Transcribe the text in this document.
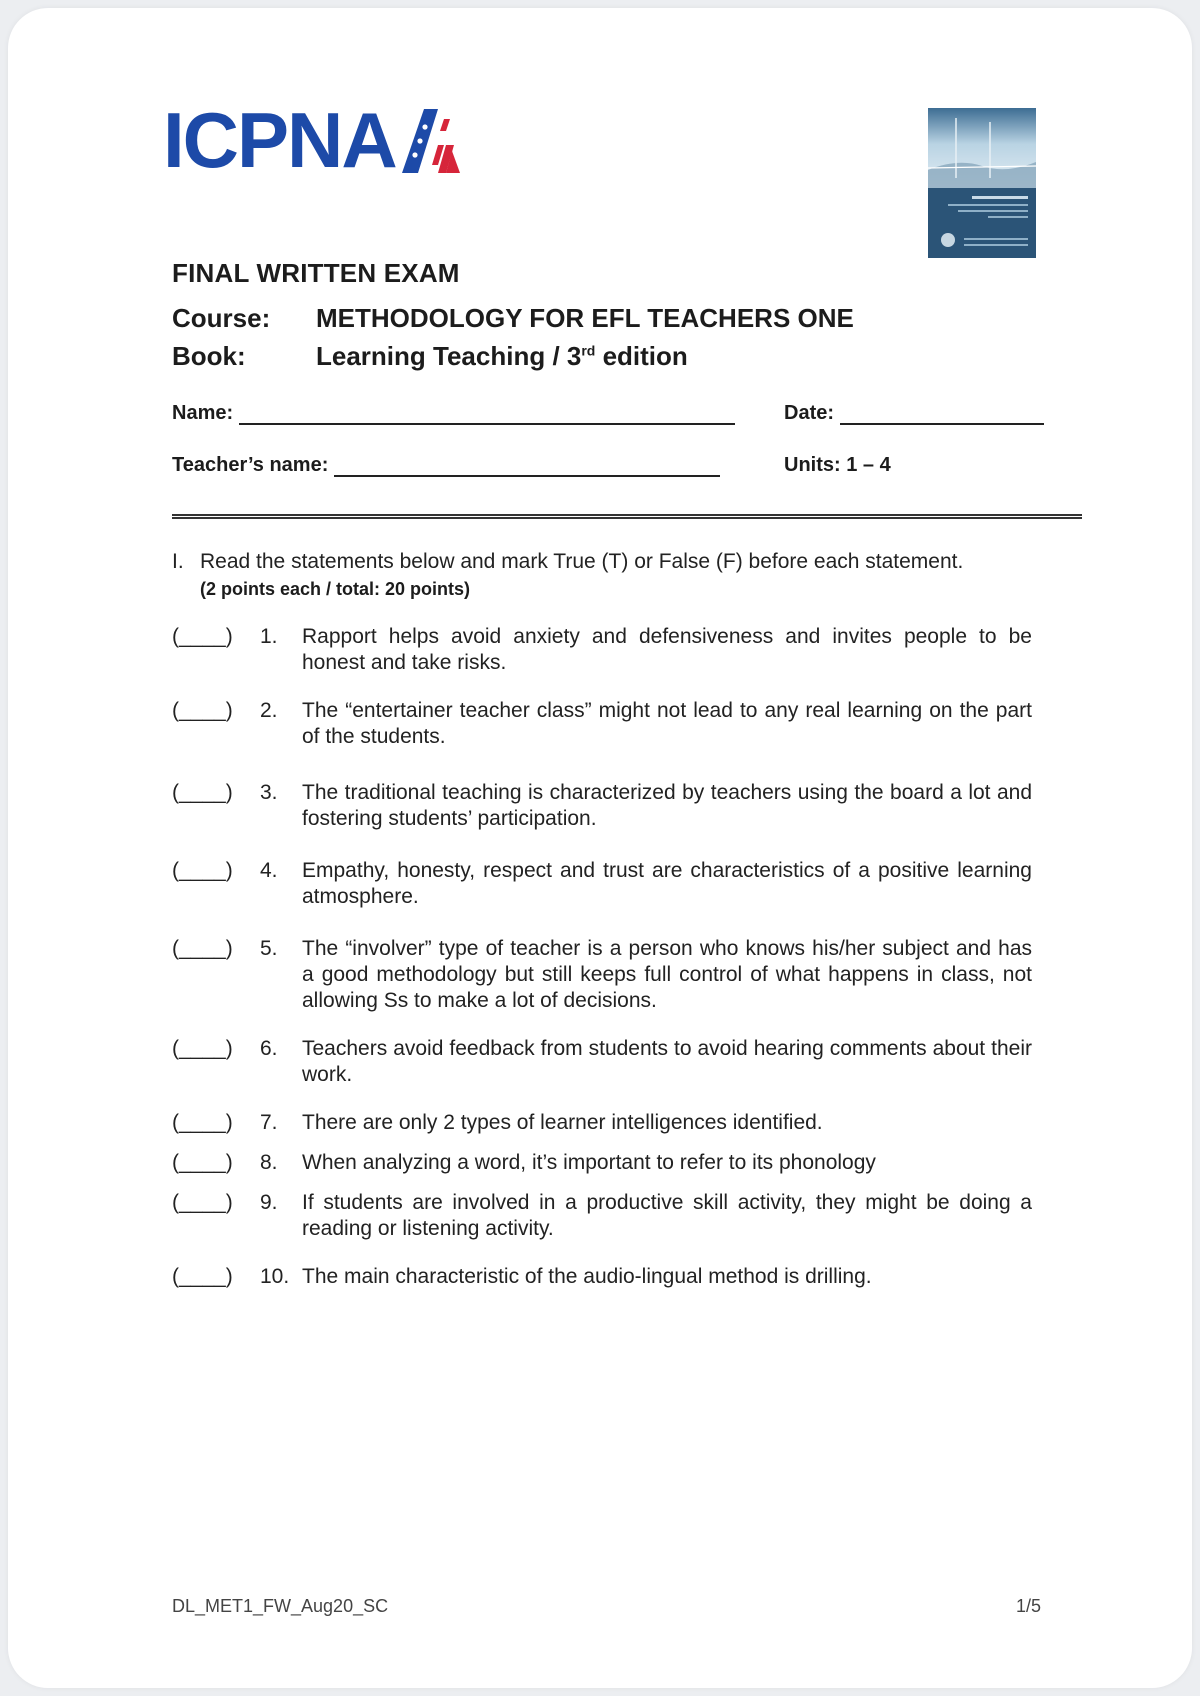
ICPNA
FINAL WRITTEN EXAM
Course:	METHODOLOGY FOR EFL TEACHERS ONE
Book:	Learning Teaching / 3rd edition
Name:	Date:
Teacher’s name:	Units: 1 – 4
I. Read the statements below and mark True (T) or False (F) before each statement.
(2 points each / total: 20 points)
(____)	1.	Rapport helps avoid anxiety and defensiveness and invites people to be honest and take risks.
(____)	2.	The “entertainer teacher class” might not lead to any real learning on the part of the students.
(____)	3.	The traditional teaching is characterized by teachers using the board a lot and fostering students’ participation.
(____)	4.	Empathy, honesty, respect and trust are characteristics of a positive learning atmosphere.
(____)	5.	The “involver” type of teacher is a person who knows his/her subject and has a good methodology but still keeps full control of what happens in class, not allowing Ss to make a lot of decisions.
(____)	6.	Teachers avoid feedback from students to avoid hearing comments about their work.
(____)	7.	There are only 2 types of learner intelligences identified.
(____)	8.	When analyzing a word, it’s important to refer to its phonology
(____)	9.	If students are involved in a productive skill activity, they might be doing a reading or listening activity.
(____)	10. The main characteristic of the audio-lingual method is drilling.
DL_MET1_FW_Aug20_SC	1/5
